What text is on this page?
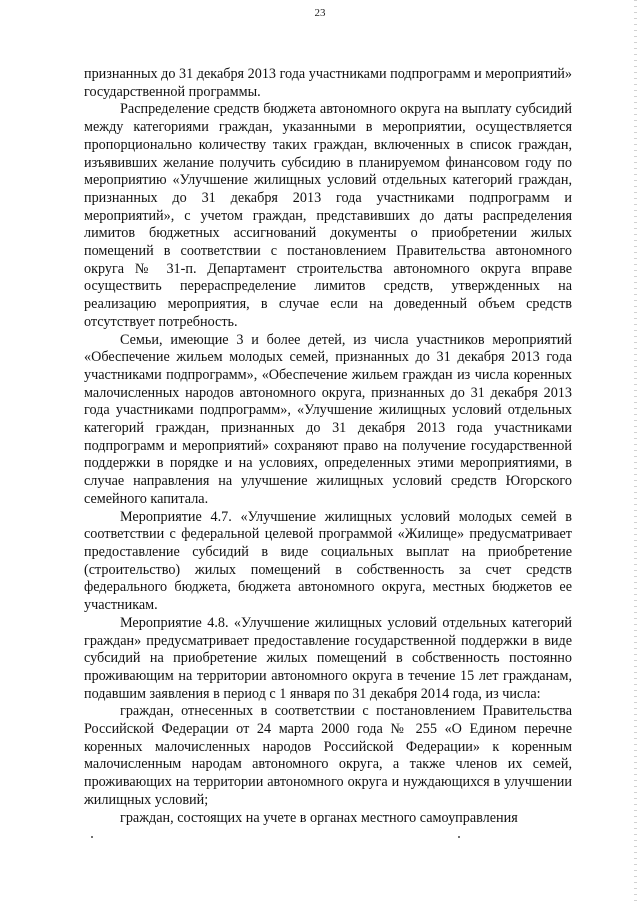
23

признанных до 31 декабря 2013 года участниками подпрограмм и мероприятий» государственной программы.

Распределение средств бюджета автономного округа на выплату субсидий между категориями граждан, указанными в мероприятии, осуществляется пропорционально количеству таких граждан, включенных в список граждан, изъявивших желание получить субсидию в планируемом финансовом году по мероприятию «Улучшение жилищных условий отдельных категорий граждан, признанных до 31 декабря 2013 года участниками подпрограмм и мероприятий», с учетом граждан, представивших до даты распределения лимитов бюджетных ассигнований документы о приобретении жилых помещений в соответствии с постановлением Правительства автономного округа № 31-п. Департамент строительства автономного округа вправе осуществить перераспределение лимитов средств, утвержденных на реализацию мероприятия, в случае если на доведенный объем средств отсутствует потребность.

Семьи, имеющие 3 и более детей, из числа участников мероприятий «Обеспечение жильем молодых семей, признанных до 31 декабря 2013 года участниками подпрограмм», «Обеспечение жильем граждан из числа коренных малочисленных народов автономного округа, признанных до 31 декабря 2013 года участниками подпрограмм», «Улучшение жилищных условий отдельных категорий граждан, признанных до 31 декабря 2013 года участниками подпрограмм и мероприятий» сохраняют право на получение государственной поддержки в порядке и на условиях, определенных этими мероприятиями, в случае направления на улучшение жилищных условий средств Югорского семейного капитала.

Мероприятие 4.7. «Улучшение жилищных условий молодых семей в соответствии с федеральной целевой программой «Жилище» предусматривает предоставление субсидий в виде социальных выплат на приобретение (строительство) жилых помещений в собственность за счет средств федерального бюджета, бюджета автономного округа, местных бюджетов ее участникам.

Мероприятие 4.8. «Улучшение жилищных условий отдельных категорий граждан» предусматривает предоставление государственной поддержки в виде субсидий на приобретение жилых помещений в собственность постоянно проживающим на территории автономного округа в течение 15 лет гражданам, подавшим заявления в период с 1 января по 31 декабря 2014 года, из числа:

граждан, отнесенных в соответствии с постановлением Правительства Российской Федерации от 24 марта 2000 года № 255 «О Едином перечне коренных малочисленных народов Российской Федерации» к коренным малочисленным народам автономного округа, а также членов их семей, проживающих на территории автономного округа и нуждающихся в улучшении жилищных условий;

граждан, состоящих на учете в органах местного самоуправления
